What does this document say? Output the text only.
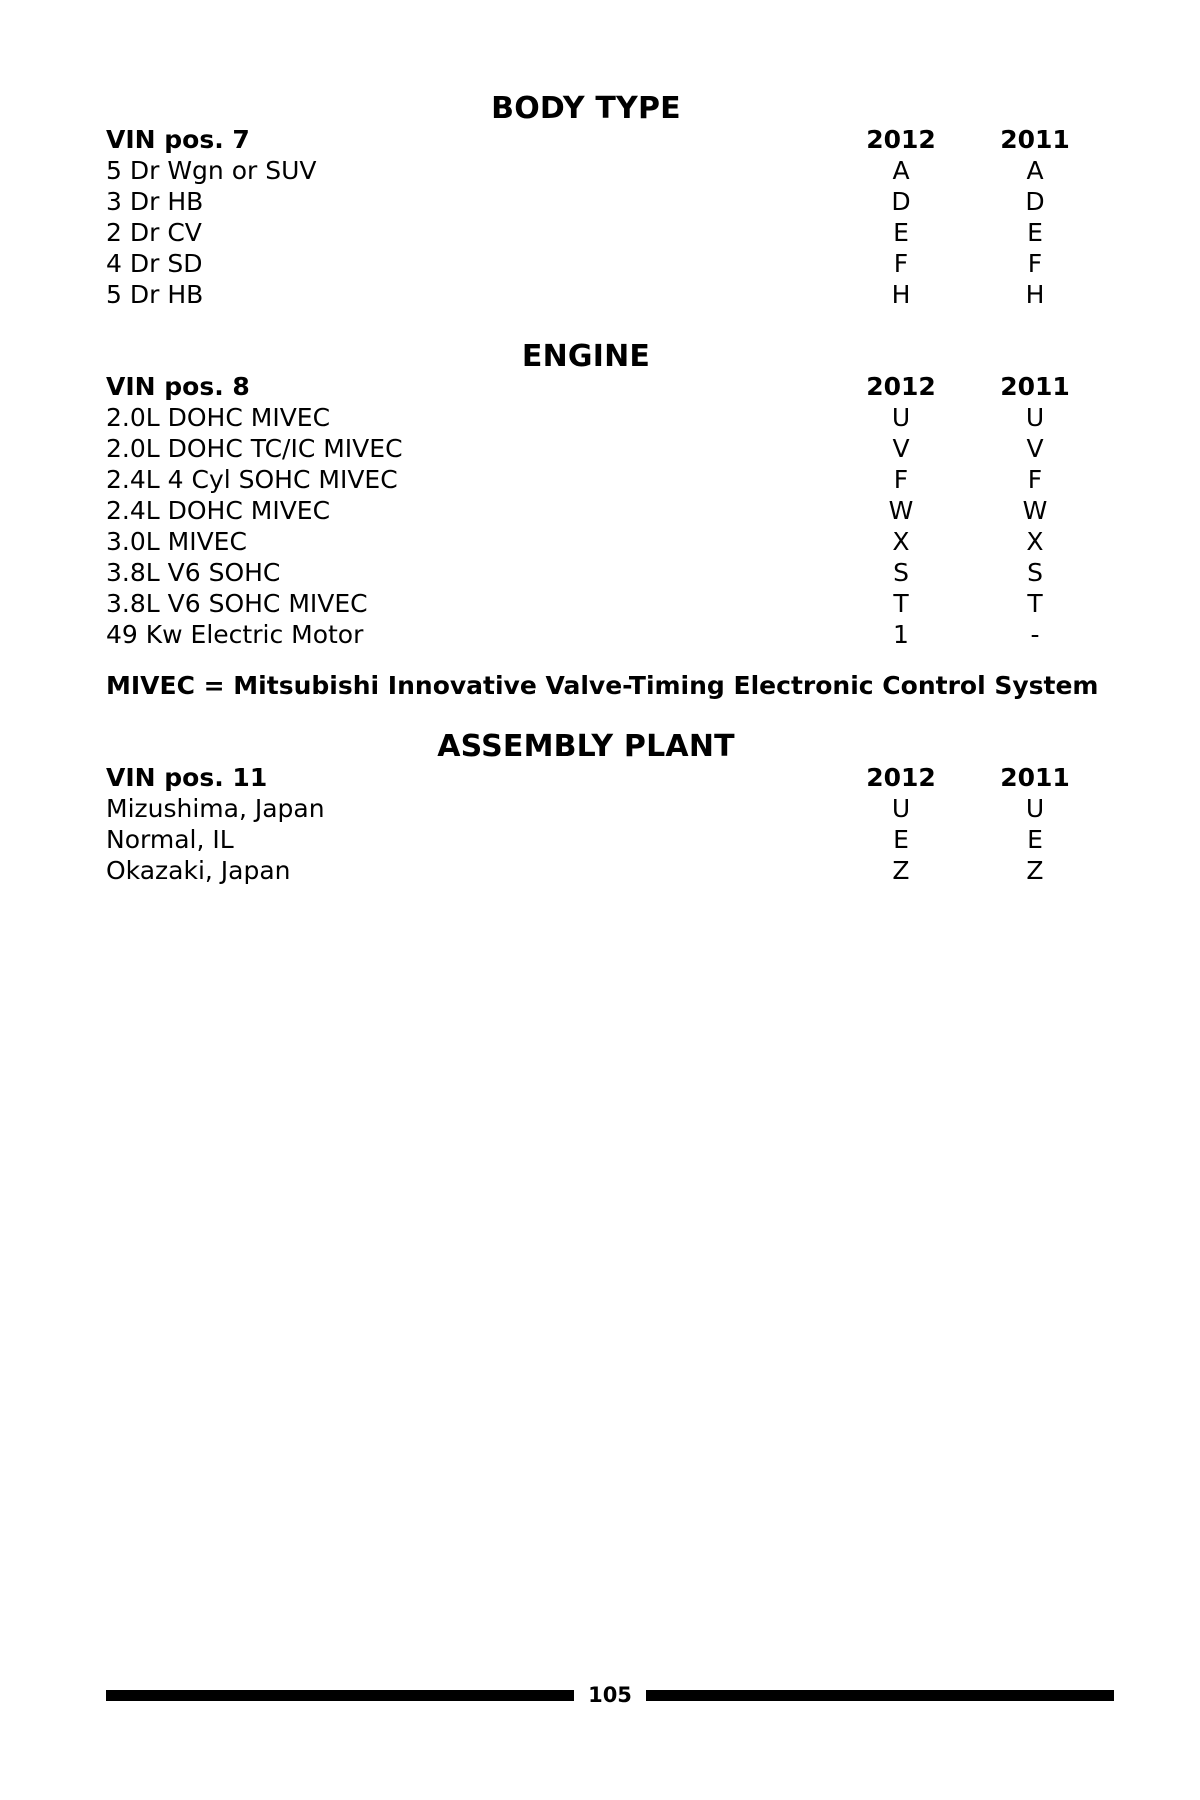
BODY TYPE
VIN pos. 7	2012	2011
5 Dr Wgn or SUV	A	A
3 Dr HB	D	D
2 Dr CV	E	E
4 Dr SD	F	F
5 Dr HB	H	H
ENGINE
VIN pos. 8	2012	2011
2.0L DOHC MIVEC	U	U
2.0L DOHC TC/IC MIVEC	V	V
2.4L 4 Cyl SOHC MIVEC	F	F
2.4L DOHC MIVEC	W	W
3.0L MIVEC	X	X
3.8L V6 SOHC	S	S
3.8L V6 SOHC MIVEC	T	T
49 Kw Electric Motor	1	-
MIVEC = Mitsubishi Innovative Valve-Timing Electronic Control System
ASSEMBLY PLANT
VIN pos. 11	2012	2011
Mizushima, Japan	U	U
Normal, IL	E	E
Okazaki, Japan	Z	Z
105
